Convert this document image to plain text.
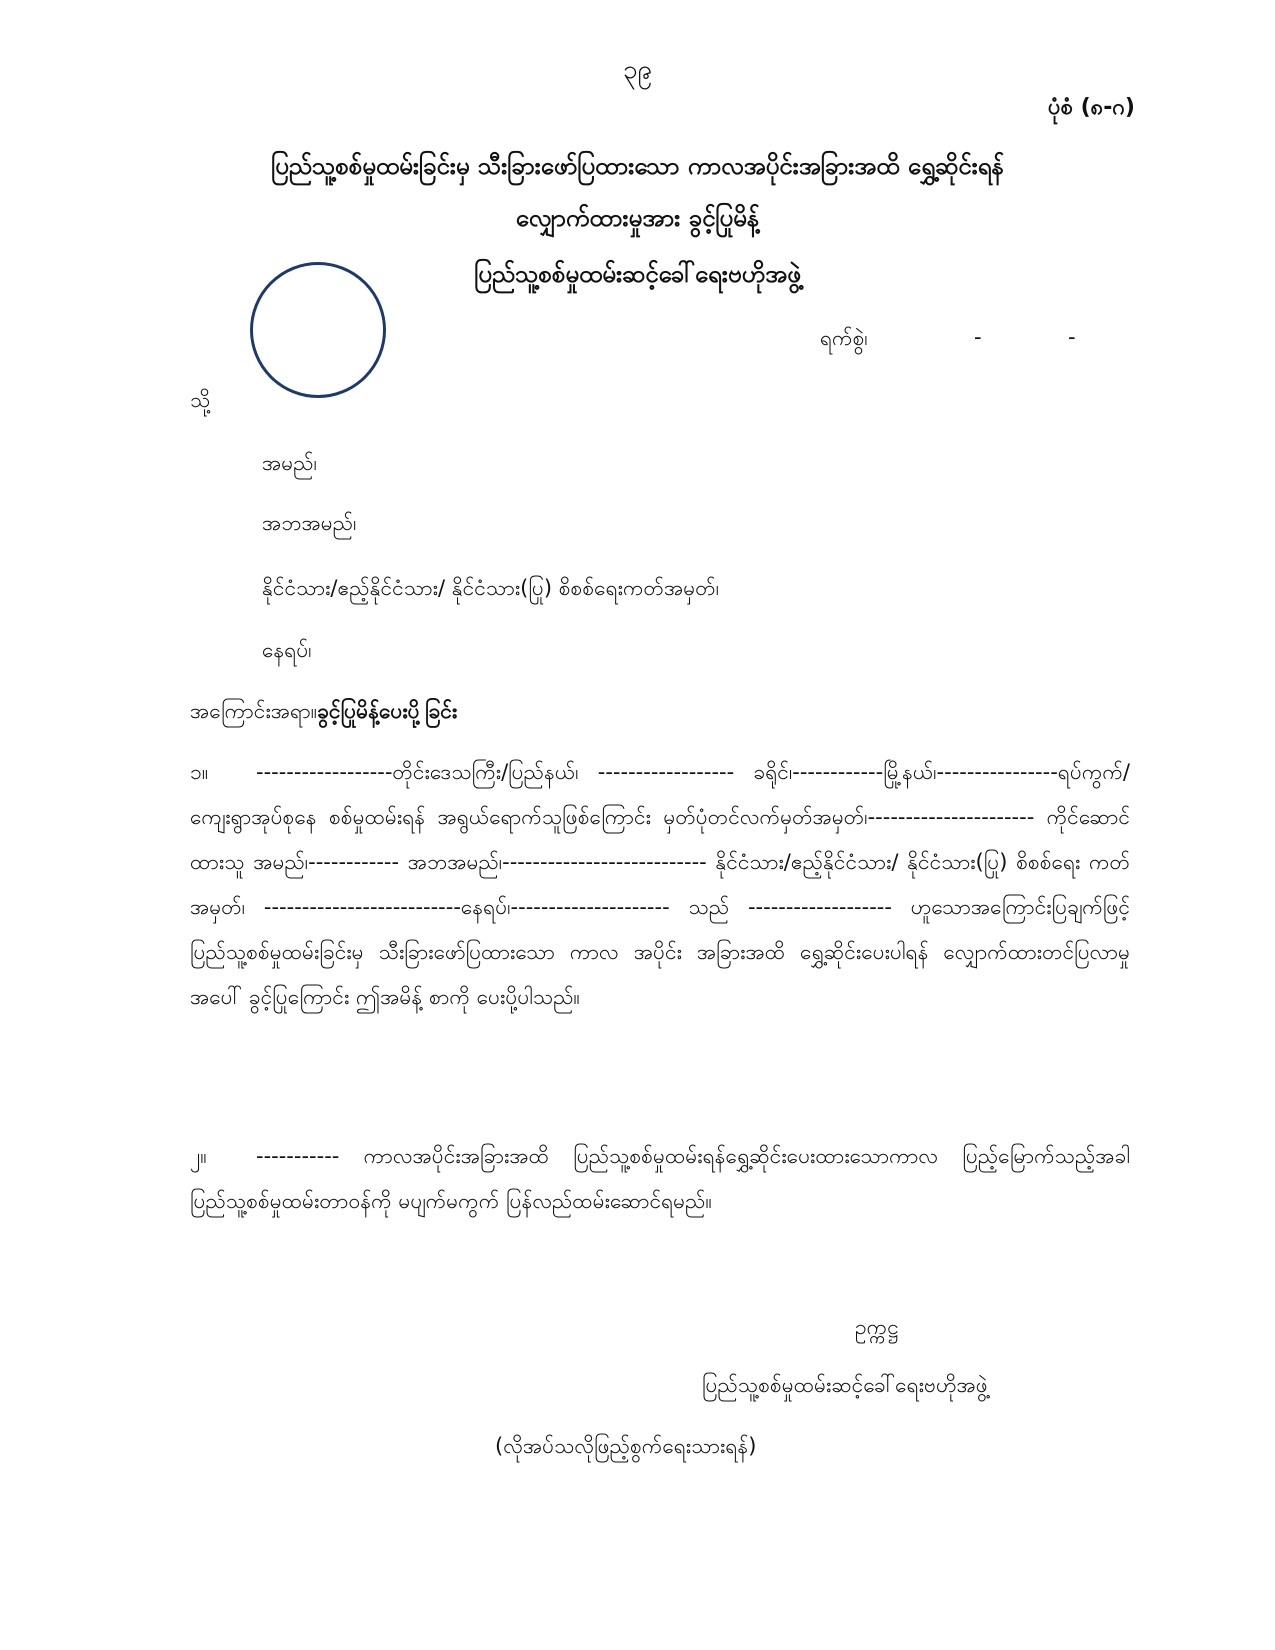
၃၉
ပုံစံ (၈-ဂ)
ပြည်သူ့စစ်မှုထမ်းခြင်းမှ သီးခြားဖော်ပြထားသော ကာလအပိုင်းအခြားအထိ ရွှေ့ဆိုင်းရန်
လျှောက်ထားမှုအား ခွင့်ပြုမိန့်
ပြည်သူ့စစ်မှုထမ်းဆင့်ခေါ်ရေးဗဟိုအဖွဲ့
ရက်စွဲ၊	-	-
သို့
အမည်၊
အဘအမည်၊
နိုင်ငံသား/ဧည့်နိုင်ငံသား/ နိုင်ငံသား(ပြု) စိစစ်ရေးကတ်အမှတ်၊
နေရပ်၊
အကြောင်းအရာ။ခွင့်ပြုမိန့်ပေးပို့ခြင်း
၁။ ------------------တိုင်းဒေသကြီး/ပြည်နယ်၊ ------------------ ခရိုင်၊------------မြို့နယ်၊----------------ရပ်ကွက်/ကျေးရွာအုပ်စုနေ စစ်မှုထမ်းရန် အရွယ်ရောက်သူဖြစ်ကြောင်း မှတ်ပုံတင်လက်မှတ်အမှတ်၊---------------------- ကိုင်ဆောင်ထားသူ အမည်၊------------ အဘအမည်၊--------------------------- နိုင်ငံသား/ဧည့်နိုင်ငံသား/ နိုင်ငံသား(ပြု) စိစစ်ရေး ကတ်အမှတ်၊ --------------------------နေရပ်၊--------------------- သည် ------------------- ဟူသောအကြောင်းပြချက်ဖြင့် ပြည်သူ့စစ်မှုထမ်းခြင်းမှ သီးခြားဖော်ပြထားသော ကာလ အပိုင်း အခြားအထိ ရွှေ့ဆိုင်းပေးပါရန် လျှောက်ထားတင်ပြလာမှုအပေါ် ခွင့်ပြုကြောင်း ဤအမိန့် စာကို ပေးပို့ပါသည်။
၂။ ----------- ကာလအပိုင်းအခြားအထိ ပြည်သူ့စစ်မှုထမ်းရန်ရွှေ့ဆိုင်းပေးထားသောကာလ ပြည့်မြောက်သည့်အခါ ပြည်သူ့စစ်မှုထမ်းတာဝန်ကို မပျက်မကွက် ပြန်လည်ထမ်းဆောင်ရမည်။
ဥက္ကဋ္ဌ
ပြည်သူ့စစ်မှုထမ်းဆင့်ခေါ်ရေးဗဟိုအဖွဲ့
(လိုအပ်သလိုဖြည့်စွက်ရေးသားရန်)
